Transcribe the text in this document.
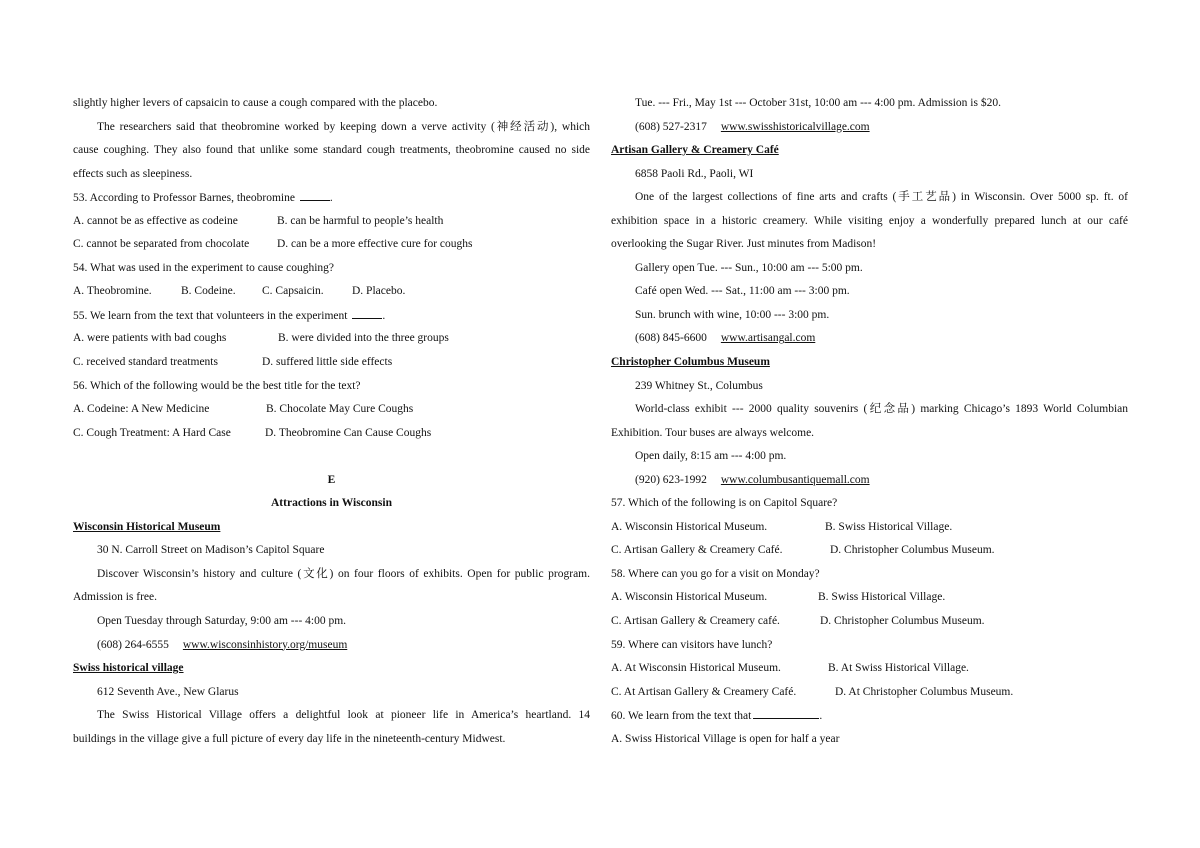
slightly higher levers of capsaicin to cause a cough compared with the placebo.
The researchers said that theobromine worked by keeping down a verve activity (神经活动), which
cause coughing. They also found that unlike some standard cough treatments, theobromine caused no side
effects such as sleepiness.
53. According to Professor Barnes, theobromine	.
A. cannot be as effective as codeine	B. can be harmful to people’s health
C. cannot be separated from chocolate D. can be a more effective cure for coughs
54. What was used in the experiment to cause coughing?
A. Theobromine.	B. Codeine. C. Capsaicin. D. Placebo.
55. We learn from the text that volunteers in the experiment	.
A. were patients with bad coughs	B. were divided into the three groups
C. received standard treatments	D. suffered little side effects
56. Which of the following would be the best title for the text?
A. Codeine: A New Medicine	B. Chocolate May Cure Coughs
C. Cough Treatment: A Hard Case	D. Theobromine Can Cause Coughs
E
Attractions in Wisconsin
Wisconsin Historical Museum
30 N. Carroll Street on Madison’s Capitol Square
Discover Wisconsin’s history and culture (文化) on four floors of exhibits. Open for public program.
Admission is free.
Open Tuesday through Saturday, 9:00 am --- 4:00 pm.
(608) 264-6555 www.wisconsinhistory.org/museum
Swiss historical village
612 Seventh Ave., New Glarus
The Swiss Historical Village offers a delightful look at pioneer life in America’s heartland. 14
buildings in the village give a full picture of every day life in the nineteenth-century Midwest.
Tue. --- Fri., May 1st --- October 31st, 10:00 am --- 4:00 pm. Admission is $20.
(608) 527-2317 www.swisshistoricalvillage.com
Artisan Gallery & Creamery Café
6858 Paoli Rd., Paoli, WI
One of the largest collections of fine arts and crafts (手工艺品) in Wisconsin. Over 5000 sp. ft. of
exhibition space in a historic creamery. While visiting enjoy a wonderfully prepared lunch at our café
overlooking the Sugar River. Just minutes from Madison!
Gallery open Tue. --- Sun., 10:00 am --- 5:00 pm.
Café open Wed. --- Sat., 11:00 am --- 3:00 pm.
Sun. brunch with wine, 10:00 --- 3:00 pm.
(608) 845-6600 www.artisangal.com
Christopher Columbus Museum
239 Whitney St., Columbus
World-class exhibit --- 2000 quality souvenirs (纪念品) marking Chicago’s 1893 World Columbian
Exhibition. Tour buses are always welcome.
Open daily, 8:15 am --- 4:00 pm.
(920) 623-1992 www.columbusantiquemall.com
57. Which of the following is on Capitol Square?
A. Wisconsin Historical Museum.	B. Swiss Historical Village.
C. Artisan Gallery & Creamery Café.	D. Christopher Columbus Museum.
58. Where can you go for a visit on Monday?
A. Wisconsin Historical Museum.	B. Swiss Historical Village.
C. Artisan Gallery & Creamery café.	D. Christopher Columbus Museum.
59. Where can visitors have lunch?
A. At Wisconsin Historical Museum.	B. At Swiss Historical Village.
C. At Artisan Gallery & Creamery Café.	D. At Christopher Columbus Museum.
60. We learn from the text that	.
A. Swiss Historical Village is open for half a year
